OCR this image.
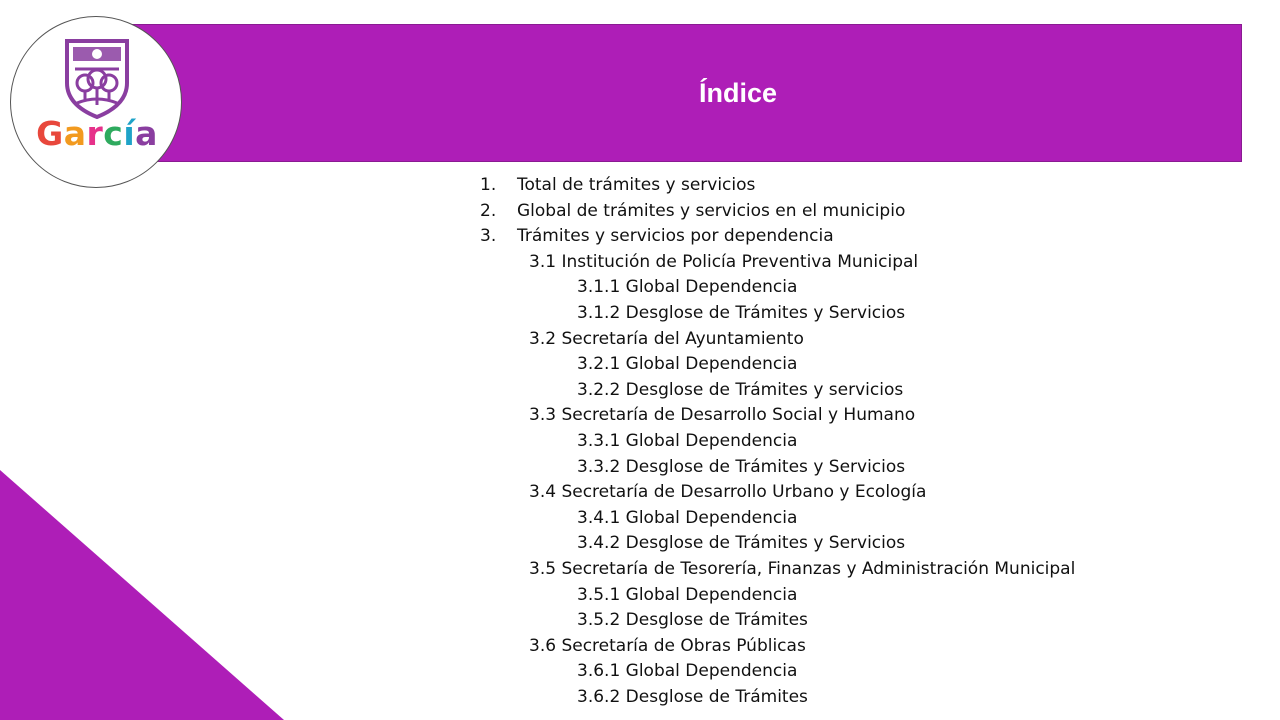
Índice
García
1. Total de trámites y servicios
2. Global de trámites y servicios en el municipio
3. Trámites y servicios por dependencia
3.1 Institución de Policía Preventiva Municipal
3.1.1 Global Dependencia
3.1.2 Desglose de Trámites y Servicios
3.2 Secretaría del Ayuntamiento
3.2.1 Global Dependencia
3.2.2 Desglose de Trámites y servicios
3.3 Secretaría de Desarrollo Social y Humano
3.3.1 Global Dependencia
3.3.2 Desglose de Trámites y Servicios
3.4 Secretaría de Desarrollo Urbano y Ecología
3.4.1 Global Dependencia
3.4.2 Desglose de Trámites y Servicios
3.5 Secretaría de Tesorería, Finanzas y Administración Municipal
3.5.1 Global Dependencia
3.5.2 Desglose de Trámites
3.6 Secretaría de Obras Públicas
3.6.1 Global Dependencia
3.6.2 Desglose de Trámites
